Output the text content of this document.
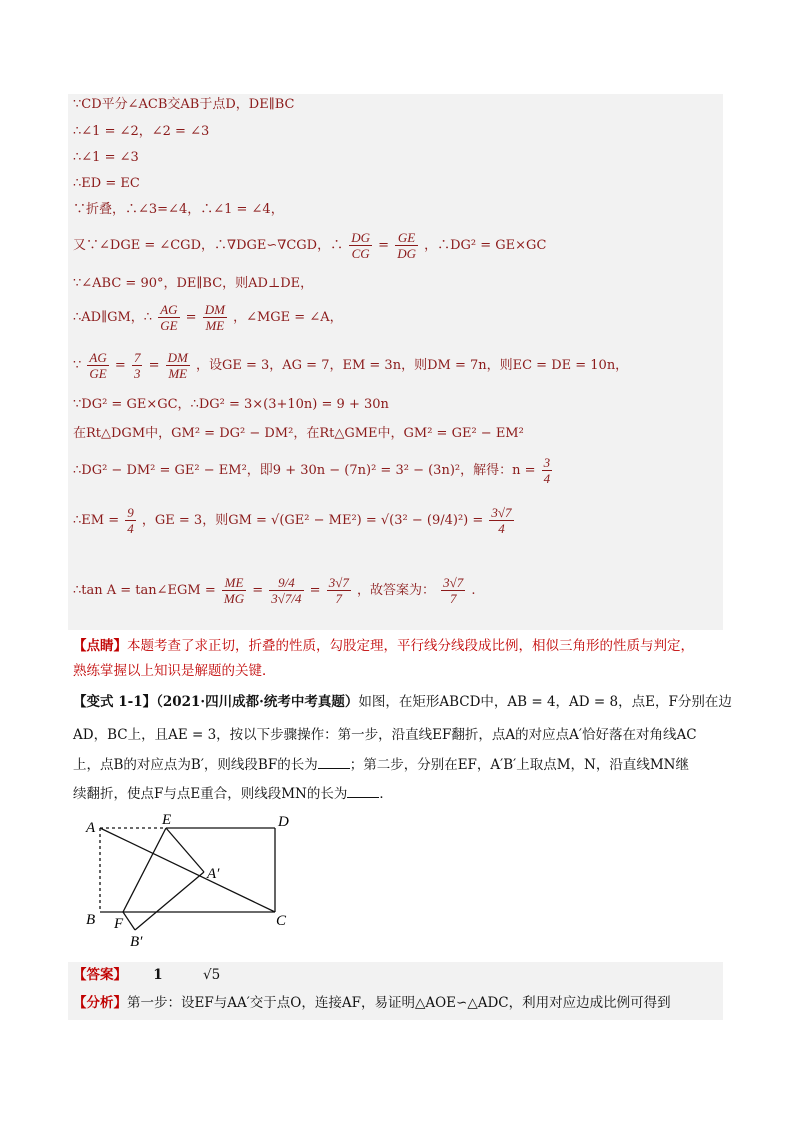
∵CD平分∠ACB交AB于点D，DE∥BC
∴∠1 = ∠2，∠2 = ∠3
∴∠1 = ∠3
∴ED = EC
∵折叠，∴∠3=∠4，∴∠1 = ∠4，
又∵∠DGE = ∠CGD，∴∇DGE∽∇CGD，∴ $\frac{DG}{CG} = \frac{GE}{DG}$ ，∴DG² = GE×GC
∵∠ABC = 90°，DE∥BC，则AD⊥DE，
∴AD∥GM，∴ $\frac{AG}{GE} = \frac{DM}{ME}$ ，∠MGE = ∠A，
∵ $\frac{AG}{GE} = \frac{7}{3} = \frac{DM}{ME}$ ，设GE = 3，AG = 7，EM = 3n，则DM = 7n，则EC = DE = 10n，
∵DG² = GE×GC，∴DG² = 3×(3+10n) = 9 + 30n
在Rt△DGM中，GM² = DG² − DM²，在Rt△GME中，GM² = GE² − EM²
∴DG² − DM² = GE² − EM²，即9 + 30n − (7n)² = 3² − (3n)²，解得：$n = \frac{3}{4}$
∴EM = $\frac{9}{4}$ ，GE = 3，则GM = $√(GE^2 - ME^2) = √(3^2 - (9/4)^2) = \frac{3√7}{4}$
∴tan A = tan∠EGM = $\frac{ME}{MG} = \frac{9/4}{3√7/4} = \frac{3√7}{7}$ ，故答案为： $\frac{3√7}{7}$ .
【点睛】本题考查了求正切，折叠的性质，勾股定理，平行线分线段成比例，相似三角形的性质与判定，
熟练掌握以上知识是解题的关键．
【变式 1-1】（2021·四川成都·统考中考真题）如图，在矩形ABCD中，AB = 4，AD = 8，点E，F分别在边
AD，BC上，且AE = 3，按以下步骤操作：第一步，沿直线EF翻折，点A的对应点A′恰好落在对角线AC
上，点B的对应点为B′，则线段BF的长为 ；第二步，分别在EF，A′B′上取点M，N，沿直线MN继
续翻折，使点F与点E重合，则线段MN的长为 ．
A	E	D
A′
B F	C
B′
【答案】 1	√5
【分析】第一步：设EF与AA′交于点O，连接AF，易证明△AOE∽△ADC，利用对应边成比例可得到
